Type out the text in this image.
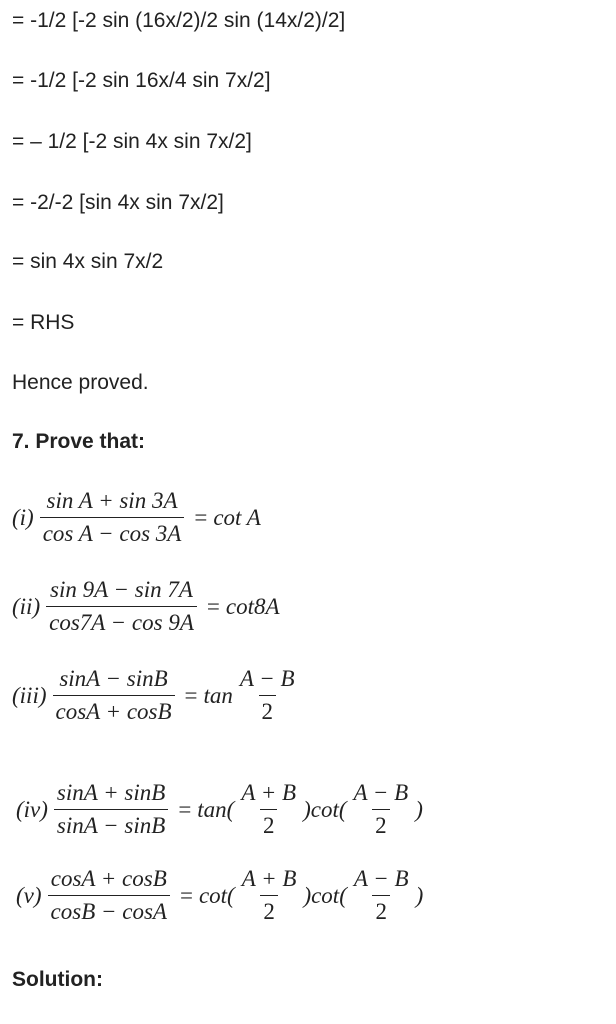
= -1/2 [-2 sin (16x/2)/2 sin (14x/2)/2]
= -1/2 [-2 sin 16x/4 sin 7x/2]
= – 1/2 [-2 sin 4x sin 7x/2]
= -2/-2 [sin 4x sin 7x/2]
= sin 4x sin 7x/2
= RHS
Hence proved.
7. Prove that:
$(i) \frac{\text{sin A + sin 3A}}{\text{cos A − cos 3A}} = \cot A$
$(ii) \frac{\sin 9A - \sin 7A}{\cos 7A - \cos 9A} = \cot 8A$
$(iii) \frac{\sin A - \sin B}{\cos A + \cos B} = \tan \frac{A - B}{2}$
$(iv) \frac{\sin A + \sin B}{\sin A - \sin B} = \tan( \frac{A + B}{2} )\cot( \frac{A - B}{2}$ )
$(v) \frac{\cos A + \cos B}{\cos B - \cos A} = \cot( \frac{A + B}{2} )\cot( \frac{A - B}{2}$ )
Solution:
